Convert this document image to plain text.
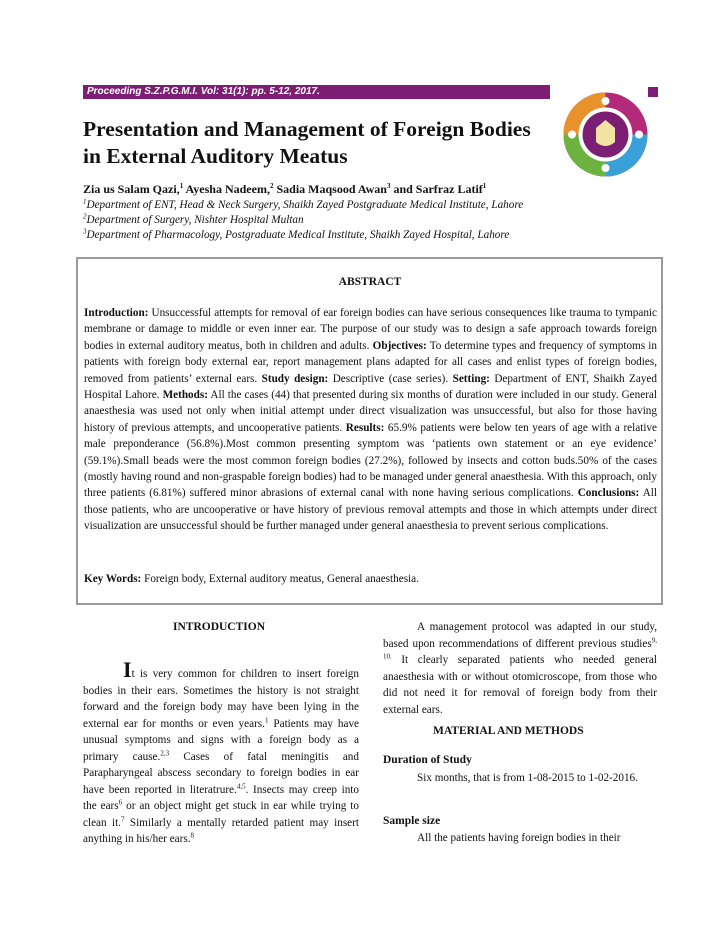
Proceeding S.Z.P.G.M.I. Vol: 31(1): pp. 5-12, 2017.
Presentation and Management of Foreign Bodies in External Auditory Meatus
Zia us Salam Qazi,$^1$ Ayesha Nadeem,$^2$ Sadia Maqsood Awan$^3$ and Sarfraz Latif$^1$
$^1$Department of ENT, Head & Neck Surgery, Shaikh Zayed Postgraduate Medical Institute, Lahore
$^2$Department of Surgery, Nishter Hospital Multan
$^3$Department of Pharmacology, Postgraduate Medical Institute, Shaikh Zayed Hospital, Lahore
ABSTRACT

Introduction: Unsuccessful attempts for removal of ear foreign bodies can have serious consequences like trauma to tympanic membrane or damage to middle or even inner ear. The purpose of our study was to design a safe approach towards foreign bodies in external auditory meatus, both in children and adults. Objectives: To determine types and frequency of symptoms in patients with foreign body external ear, report management plans adapted for all cases and enlist types of foreign bodies, removed from patients’ external ears. Study design: Descriptive (case series). Setting: Department of ENT, Shaikh Zayed Hospital Lahore. Methods: All the cases (44) that presented during six months of duration were included in our study. General anaesthesia was used not only when initial attempt under direct visualization was unsuccessful, but also for those having history of previous attempts, and uncooperative patients. Results: 65.9% patients were below ten years of age with a relative male preponderance (56.8%).Most common presenting symptom was ‘patients own statement or an eye evidence’ (59.1%).Small beads were the most common foreign bodies (27.2%), followed by insects and cotton buds.50% of the cases (mostly having round and non-graspable foreign bodies) had to be managed under general anaesthesia. With this approach, only three patients (6.81%) suffered minor abrasions of external canal with none having serious complications. Conclusions: All those patients, who are uncooperative or have history of previous removal attempts and those in which attempts under direct visualization are unsuccessful should be further managed under general anaesthesia to prevent serious complications.

Key Words: Foreign body, External auditory meatus, General anaesthesia.
INTRODUCTION

It is very common for children to insert foreign bodies in their ears. Sometimes the history is not straight forward and the foreign body may have been lying in the external ear for months or even years.$^1$ Patients may have unusual symptoms and signs with a foreign body as a primary cause.$^{2,3}$ Cases of fatal meningitis and Parapharyngeal abscess secondary to foreign bodies in ear have been reported in literatrure.$^{4,5}$. Insects may creep into the ears$^6$ or an object might get stuck in ear while trying to clean it.$^7$ Similarly a mentally retarded patient may insert anything in his/her ears.$^8$

A management protocol was adapted in our study, based upon recommendations of different previous studies$^{9, 10.}$ It clearly separated patients who needed general anaesthesia with or without otomicroscope, from those who did not need it for removal of foreign body from their external ears.

MATERIAL AND METHODS
Duration of Study

Six months, that is from 1-08-2015 to 1-02-2016.

Sample size

All the patients having foreign bodies in their
